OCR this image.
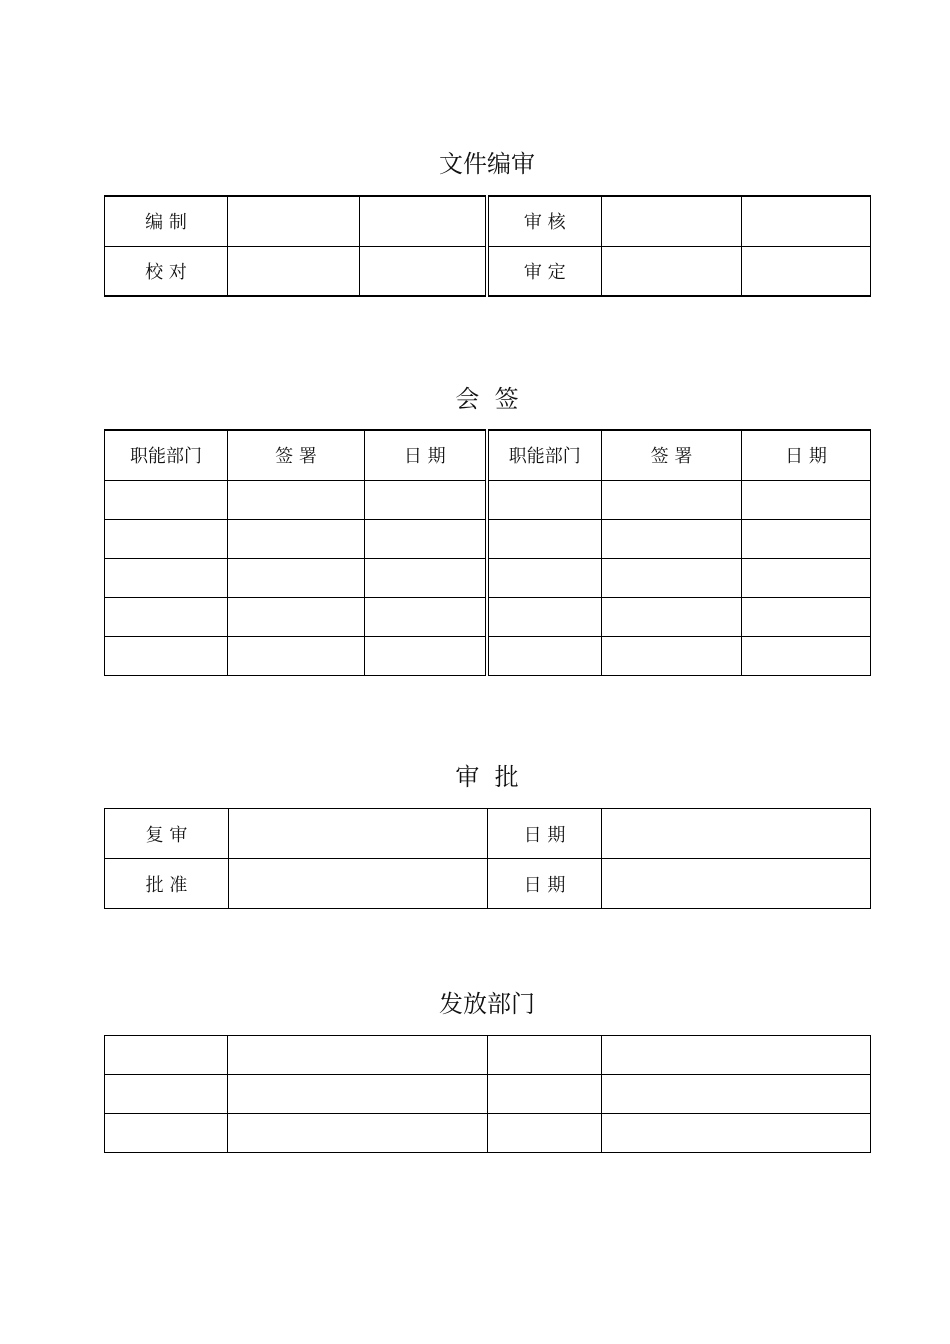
文件编审
编 制			审 核		
校 对			审 定		
会  签
职能部门	签 署	日 期	职能部门	签 署	日 期

审  批
复 审		日 期	
批 准		日 期	
发放部门
